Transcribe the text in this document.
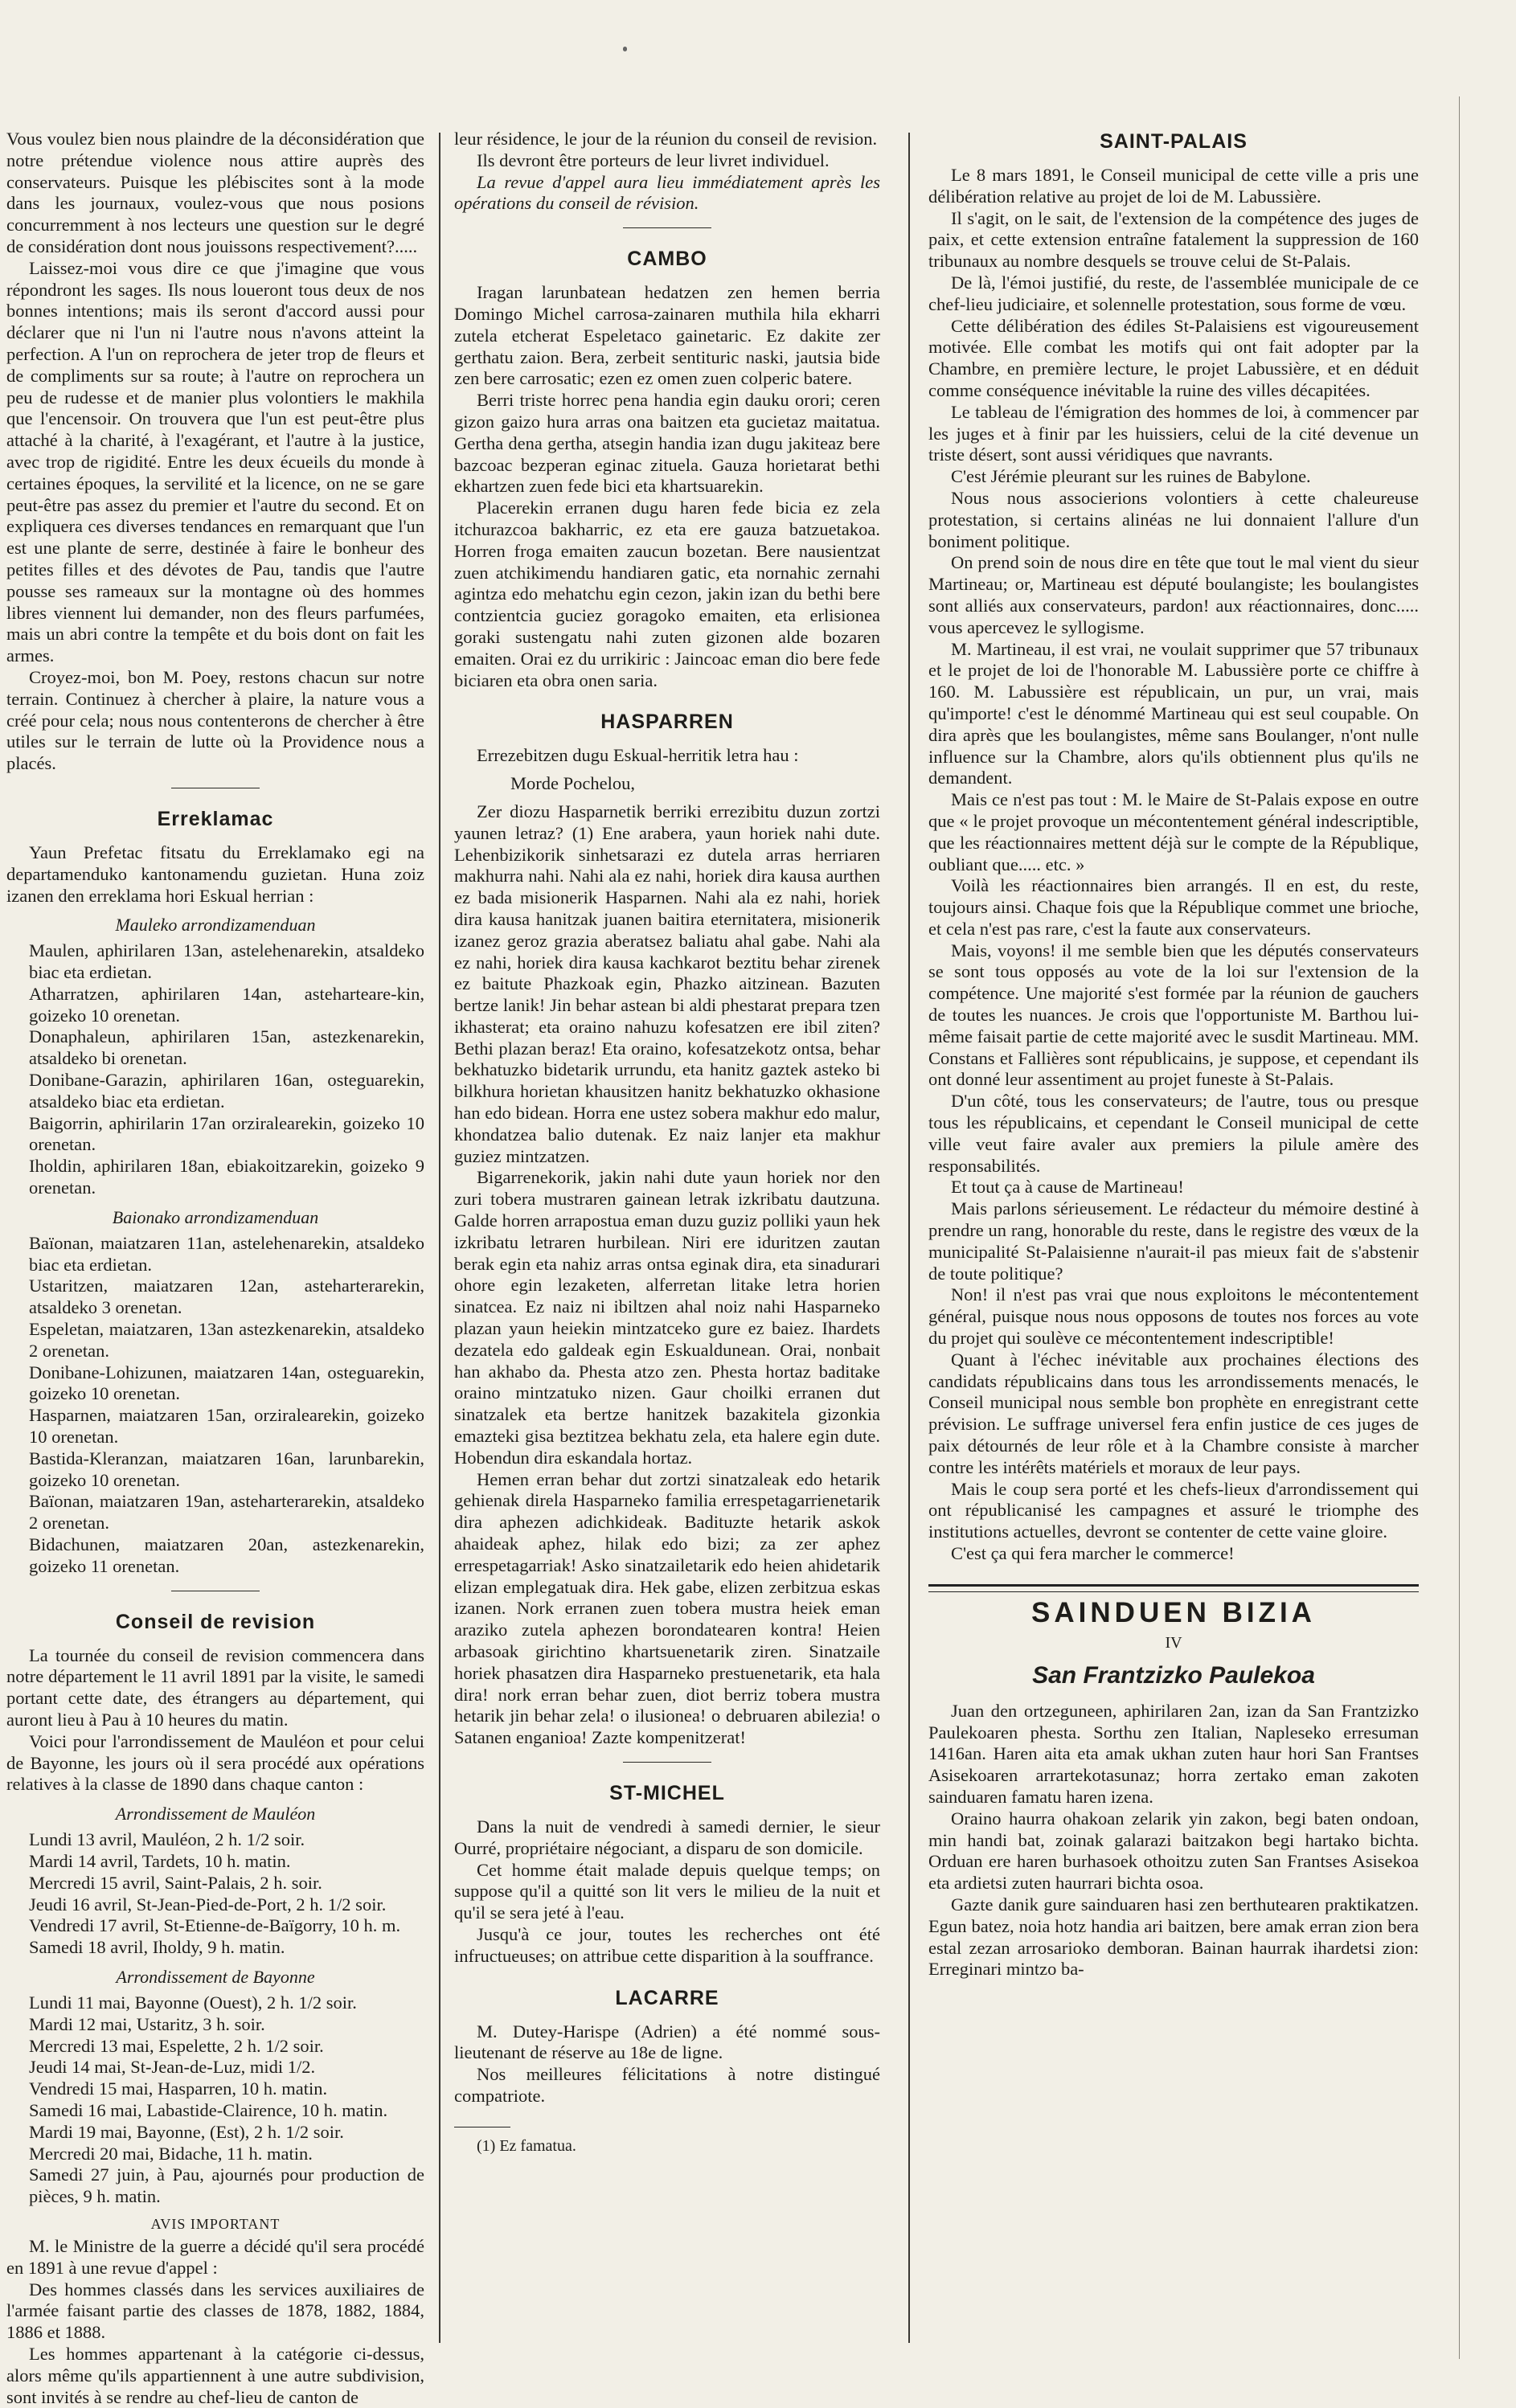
Vous voulez bien nous plaindre de la déconsidération que notre prétendue violence nous attire auprès des conservateurs. Puisque les plébiscites sont à la mode dans les journaux, voulez-vous que nous posions concurremment à nos lecteurs une question sur le degré de considération dont nous jouissons respectivement?.....

Laissez-moi vous dire ce que j'imagine que vous répondront les sages. Ils nous loueront tous deux de nos bonnes intentions; mais ils seront d'accord aussi pour déclarer que ni l'un ni l'autre nous n'avons atteint la perfection. A l'un on reprochera de jeter trop de fleurs et de compliments sur sa route; à l'autre on reprochera un peu de rudesse et de manier plus volontiers le makhila que l'encensoir. On trouvera que l'un est peut-être plus attaché à la charité, à l'exagérant, et l'autre à la justice, avec trop de rigidité. Entre les deux écueils du monde à certaines époques, la servilité et la licence, on ne se gare peut-être pas assez du premier et l'autre du second. Et on expliquera ces diverses tendances en remarquant que l'un est une plante de serre, destinée à faire le bonheur des petites filles et des dévotes de Pau, tandis que l'autre pousse ses rameaux sur la montagne où des hommes libres viennent lui demander, non des fleurs parfumées, mais un abri contre la tempête et du bois dont on fait les armes.

Croyez-moi, bon M. Poey, restons chacun sur notre terrain. Continuez à chercher à plaire, la nature vous a créé pour cela; nous nous contenterons de chercher à être utiles sur le terrain de lutte où la Providence nous a placés.

Erreklamac

Yaun Prefetac fitsatu du Erreklamako egi na departamenduko kantonamendu guzietan. Huna zoiz izanen den erreklama hori Eskual herrian :

Mauleko arrondizamenduan

Maulen, aphirilaren 13an, astelehenarekin, atsaldeko biac eta erdietan.

Atharratzen, aphirilaren 14an, asteharteare-kin, goizeko 10 orenetan.

Donaphaleun, aphirilaren 15an, astezkenarekin, atsaldeko bi orenetan.

Donibane-Garazin, aphirilaren 16an, osteguarekin, atsaldeko biac eta erdietan.

Baigorrin, aphirilarin 17an orziralearekin, goizeko 10 orenetan.

Iholdin, aphirilaren 18an, ebiakoitzarekin, goizeko 9 orenetan.

Baionako arrondizamenduan

Baïonan, maiatzaren 11an, astelehenarekin, atsaldeko biac eta erdietan.

Ustaritzen, maiatzaren 12an, asteharterarekin, atsaldeko 3 orenetan.

Espeletan, maiatzaren, 13an astezkenarekin, atsaldeko 2 orenetan.

Donibane-Lohizunen, maiatzaren 14an, osteguarekin, goizeko 10 orenetan.

Hasparnen, maiatzaren 15an, orziralearekin, goizeko 10 orenetan.

Bastida-Kleranzan, maiatzaren 16an, larunbarekin, goizeko 10 orenetan.

Baïonan, maiatzaren 19an, asteharterarekin, atsaldeko 2 orenetan.

Bidachunen, maiatzaren 20an, astezkenarekin, goizeko 11 orenetan.

Conseil de revision

La tournée du conseil de revision commencera dans notre département le 11 avril 1891 par la visite, le samedi portant cette date, des étrangers au département, qui auront lieu à Pau à 10 heures du matin.

Voici pour l'arrondissement de Mauléon et pour celui de Bayonne, les jours où il sera procédé aux opérations relatives à la classe de 1890 dans chaque canton :

Arrondissement de Mauléon

Lundi 13 avril, Mauléon, 2 h. 1/2 soir.

Mardi 14 avril, Tardets, 10 h. matin.

Mercredi 15 avril, Saint-Palais, 2 h. soir.

Jeudi 16 avril, St-Jean-Pied-de-Port, 2 h. 1/2 soir.

Vendredi 17 avril, St-Etienne-de-Baïgorry, 10 h. m.

Samedi 18 avril, Iholdy, 9 h. matin.

Arrondissement de Bayonne

Lundi 11 mai, Bayonne (Ouest), 2 h. 1/2 soir.

Mardi 12 mai, Ustaritz, 3 h. soir.

Mercredi 13 mai, Espelette, 2 h. 1/2 soir.

Jeudi 14 mai, St-Jean-de-Luz, midi 1/2.

Vendredi 15 mai, Hasparren, 10 h. matin.

Samedi 16 mai, Labastide-Clairence, 10 h. matin.

Mardi 19 mai, Bayonne, (Est), 2 h. 1/2 soir.

Mercredi 20 mai, Bidache, 11 h. matin.

Samedi 27 juin, à Pau, ajournés pour production de pièces, 9 h. matin.

AVIS IMPORTANT

M. le Ministre de la guerre a décidé qu'il sera procédé en 1891 à une revue d'appel :

Des hommes classés dans les services auxiliaires de l'armée faisant partie des classes de 1878, 1882, 1884, 1886 et 1888.

Les hommes appartenant à la catégorie ci-dessus, alors même qu'ils appartiennent à une autre subdivision, sont invités à se rendre au chef-lieu de canton de

leur résidence, le jour de la réunion du conseil de revision.

Ils devront être porteurs de leur livret individuel.

La revue d'appel aura lieu immédiatement après les opérations du conseil de révision.

CAMBO

Iragan larunbatean hedatzen zen hemen berria Domingo Michel carrosa-zainaren muthila hila ekharri zutela etcherat Espeletaco gainetaric. Ez dakite zer gerthatu zaion. Bera, zerbeit sentituric naski, jautsia bide zen bere carrosatic; ezen ez omen zuen colperic batere.

Berri triste horrec pena handia egin dauku orori; ceren gizon gaizo hura arras ona baitzen eta gucietaz maitatua. Gertha dena gertha, atsegin handia izan dugu jakiteaz bere bazcoac bezperan eginac zituela. Gauza horietarat bethi ekhartzen zuen fede bici eta khartsuarekin.

Placerekin erranen dugu haren fede bicia ez zela itchurazcoa bakharric, ez eta ere gauza batzuetakoa. Horren froga emaiten zaucun bozetan. Bere nausientzat zuen atchikimendu handiaren gatic, eta nornahic zernahi agintza edo mehatchu egin cezon, jakin izan du bethi bere contzientcia guciez goragoko emaiten, eta erlisionea goraki sustengatu nahi zuten gizonen alde bozaren emaiten. Orai ez du urrikiric : Jaincoac eman dio bere fede biciaren eta obra onen saria.

HASPARREN

Errezebitzen dugu Eskual-herritik letra hau :

Morde Pochelou,

Zer diozu Hasparnetik berriki errezibitu duzun zortzi yaunen letraz? (1) Ene arabera, yaun horiek nahi dute. Lehenbizikorik sinhetsarazi ez dutela arras herriaren makhurra nahi. Nahi ala ez nahi, horiek dira kausa aurthen ez bada misionerik Hasparnen. Nahi ala ez nahi, horiek dira kausa hanitzak juanen baitira eternitatera, misionerik izanez geroz grazia aberatsez baliatu ahal gabe. Nahi ala ez nahi, horiek dira kausa kachkarot beztitu behar zirenek ez baitute Phazkoak egin, Phazko aitzinean. Bazuten bertze lanik! Jin behar astean bi aldi phestarat prepara tzen ikhasterat; eta oraino nahuzu kofesatzen ere ibil ziten? Bethi plazan beraz! Eta oraino, kofesatzekotz ontsa, behar bekhatuzko bidetarik urrundu, eta hanitz gaztek asteko bi bilkhura horietan khausitzen hanitz bekhatuzko okhasione han edo bidean. Horra ene ustez sobera makhur edo malur, khondatzea balio dutenak. Ez naiz lanjer eta makhur guziez mintzatzen.

Bigarrenekorik, jakin nahi dute yaun horiek nor den zuri tobera mustraren gainean letrak izkribatu dautzuna. Galde horren arrapostua eman duzu guziz polliki yaun hek izkribatu letraren hurbilean. Niri ere iduritzen zautan berak egin eta nahiz arras ontsa eginak dira, eta sinadurari ohore egin lezaketen, alferretan litake letra horien sinatcea. Ez naiz ni ibiltzen ahal noiz nahi Hasparneko plazan yaun heiekin mintzatceko gure ez baiez. Ihardets dezatela edo galdeak egin Eskualdunean. Orai, nonbait han akhabo da. Phesta atzo zen. Phesta hortaz baditake oraino mintzatuko nizen. Gaur choilki erranen dut sinatzalek eta bertze hanitzek bazakitela gizonkia emazteki gisa beztitzea bekhatu zela, eta halere egin dute. Hobendun dira eskandala hortaz.

Hemen erran behar dut zortzi sinatzaleak edo hetarik gehienak direla Hasparneko familia errespetagarrienetarik dira aphezen adichkideak. Badituzte hetarik askok ahaideak aphez, hilak edo bizi; za zer aphez errespetagarriak! Asko sinatzailetarik edo heien ahidetarik elizan emplegatuak dira. Hek gabe, elizen zerbitzua eskas izanen. Nork erranen zuen tobera mustra heiek eman araziko zutela aphezen borondatearen kontra! Heien arbasoak girichtino khartsuenetarik ziren. Sinatzaile horiek phasatzen dira Hasparneko prestuenetarik, eta hala dira! nork erran behar zuen, diot berriz tobera mustra hetarik jin behar zela! o ilusionea! o debruaren abilezia! o Satanen enganioa! Zazte kompenitzerat!

ST-MICHEL

Dans la nuit de vendredi à samedi dernier, le sieur Ourré, propriétaire négociant, a disparu de son domicile.

Cet homme était malade depuis quelque temps; on suppose qu'il a quitté son lit vers le milieu de la nuit et qu'il se sera jeté à l'eau.

Jusqu'à ce jour, toutes les recherches ont été infructueuses; on attribue cette disparition à la souffrance.

LACARRE

M. Dutey-Harispe (Adrien) a été nommé sous-lieutenant de réserve au 18e de ligne.

Nos meilleures félicitations à notre distingué compatriote.

(1) Ez famatua.

SAINT-PALAIS

Le 8 mars 1891, le Conseil municipal de cette ville a pris une délibération relative au projet de loi de M. Labussière.

Il s'agit, on le sait, de l'extension de la compétence des juges de paix, et cette extension entraîne fatalement la suppression de 160 tribunaux au nombre desquels se trouve celui de St-Palais.

De là, l'émoi justifié, du reste, de l'assemblée municipale de ce chef-lieu judiciaire, et solennelle protestation, sous forme de vœu.

Cette délibération des édiles St-Palaisiens est vigoureusement motivée. Elle combat les motifs qui ont fait adopter par la Chambre, en première lecture, le projet Labussière, et en déduit comme conséquence inévitable la ruine des villes décapitées.

Le tableau de l'émigration des hommes de loi, à commencer par les juges et à finir par les huissiers, celui de la cité devenue un triste désert, sont aussi véridiques que navrants.

C'est Jérémie pleurant sur les ruines de Babylone.

Nous nous associerions volontiers à cette chaleureuse protestation, si certains alinéas ne lui donnaient l'allure d'un boniment politique.

On prend soin de nous dire en tête que tout le mal vient du sieur Martineau; or, Martineau est député boulangiste; les boulangistes sont alliés aux conservateurs, pardon! aux réactionnaires, donc..... vous apercevez le syllogisme.

M. Martineau, il est vrai, ne voulait supprimer que 57 tribunaux et le projet de loi de l'honorable M. Labussière porte ce chiffre à 160. M. Labussière est républicain, un pur, un vrai, mais qu'importe! c'est le dénommé Martineau qui est seul coupable. On dira après que les boulangistes, même sans Boulanger, n'ont nulle influence sur la Chambre, alors qu'ils obtiennent plus qu'ils ne demandent.

Mais ce n'est pas tout : M. le Maire de St-Palais expose en outre que « le projet provoque un mécontentement général indescriptible, que les réactionnaires mettent déjà sur le compte de la République, oubliant que..... etc. »

Voilà les réactionnaires bien arrangés. Il en est, du reste, toujours ainsi. Chaque fois que la République commet une brioche, et cela n'est pas rare, c'est la faute aux conservateurs.

Mais, voyons! il me semble bien que les députés conservateurs se sont tous opposés au vote de la loi sur l'extension de la compétence. Une majorité s'est formée par la réunion de gauchers de toutes les nuances. Je crois que l'opportuniste M. Barthou lui-même faisait partie de cette majorité avec le susdit Martineau. MM. Constans et Fallières sont républicains, je suppose, et cependant ils ont donné leur assentiment au projet funeste à St-Palais.

D'un côté, tous les conservateurs; de l'autre, tous ou presque tous les républicains, et cependant le Conseil municipal de cette ville veut faire avaler aux premiers la pilule amère des responsabilités.

Et tout ça à cause de Martineau!

Mais parlons sérieusement. Le rédacteur du mémoire destiné à prendre un rang, honorable du reste, dans le registre des vœux de la municipalité St-Palaisienne n'aurait-il pas mieux fait de s'abstenir de toute politique?

Non! il n'est pas vrai que nous exploitons le mécontentement général, puisque nous nous opposons de toutes nos forces au vote du projet qui soulève ce mécontentement indescriptible!

Quant à l'échec inévitable aux prochaines élections des candidats républicains dans tous les arrondissements menacés, le Conseil municipal nous semble bon prophète en enregistrant cette prévision. Le suffrage universel fera enfin justice de ces juges de paix détournés de leur rôle et à la Chambre consiste à marcher contre les intérêts matériels et moraux de leur pays.

Mais le coup sera porté et les chefs-lieux d'arrondissement qui ont républicanisé les campagnes et assuré le triomphe des institutions actuelles, devront se contenter de cette vaine gloire.

C'est ça qui fera marcher le commerce!

SAINDUEN BIZIA
IV
San Frantzizko Paulekoa

Juan den ortzeguneen, aphirilaren 2an, izan da San Frantzizko Paulekoaren phesta. Sorthu zen Italian, Napleseko erresuman 1416an. Haren aita eta amak ukhan zuten haur hori San Frantses Asisekoaren arrartekotasunaz; horra zertako eman zakoten sainduaren famatu haren izena.

Oraino haurra ohakoan zelarik yin zakon, begi baten ondoan, min handi bat, zoinak galarazi baitzakon begi hartako bichta. Orduan ere haren burhasoek othoitzu zuten San Frantses Asisekoa eta ardietsi zuten haurrari bichta osoa.

Gazte danik gure sainduaren hasi zen berthutearen praktikatzen. Egun batez, noia hotz handia ari baitzen, bere amak erran zion bera estal zezan arrosarioko demboran. Bainan haurrak ihardetsi zion: Erreginari mintzo ba-
